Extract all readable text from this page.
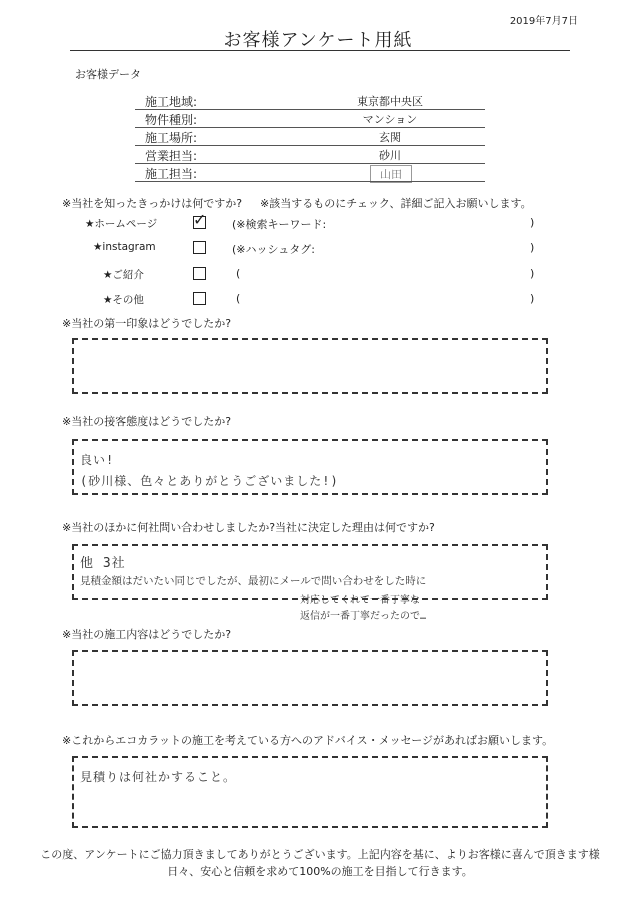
2019年7月7日
お客様アンケート用紙
お客様データ
施工地域:	東京都中央区
物件種別:	マンション
施工場所:	玄関
営業担当:	砂川
施工担当:	山田
※当社を知ったきっかけは何ですか? ※該当するものにチェック、詳細ご記入お願いします。
★ホームページ ✓ (※検索キーワード:	)
★instagram	(※ハッシュタグ:	)
★ご紹介	(	)
★その他	(	)
※当社の第一印象はどうでしたか?
※当社の接客態度はどうでしたか?
良い!
(砂川様、色々とありがとうございました!)
※当社のほかに何社問い合わせしましたか?当社に決定した理由は何ですか?
他 3社
見積金額はだいたい同じでしたが、最初にメールで問い合わせをした時に
対応してくれて一番丁寧な
返信が一番丁寧だったので…
※当社の施工内容はどうでしたか?
※これからエコカラットの施工を考えている方へのアドバイス・メッセージがあればお願いします。
見積りは何社かすること。
この度、アンケートにご協力頂きましてありがとうございます。上記内容を基に、よりお客様に喜んで頂きます様
日々、安心と信頼を求めて100%の施工を目指して行きます。
